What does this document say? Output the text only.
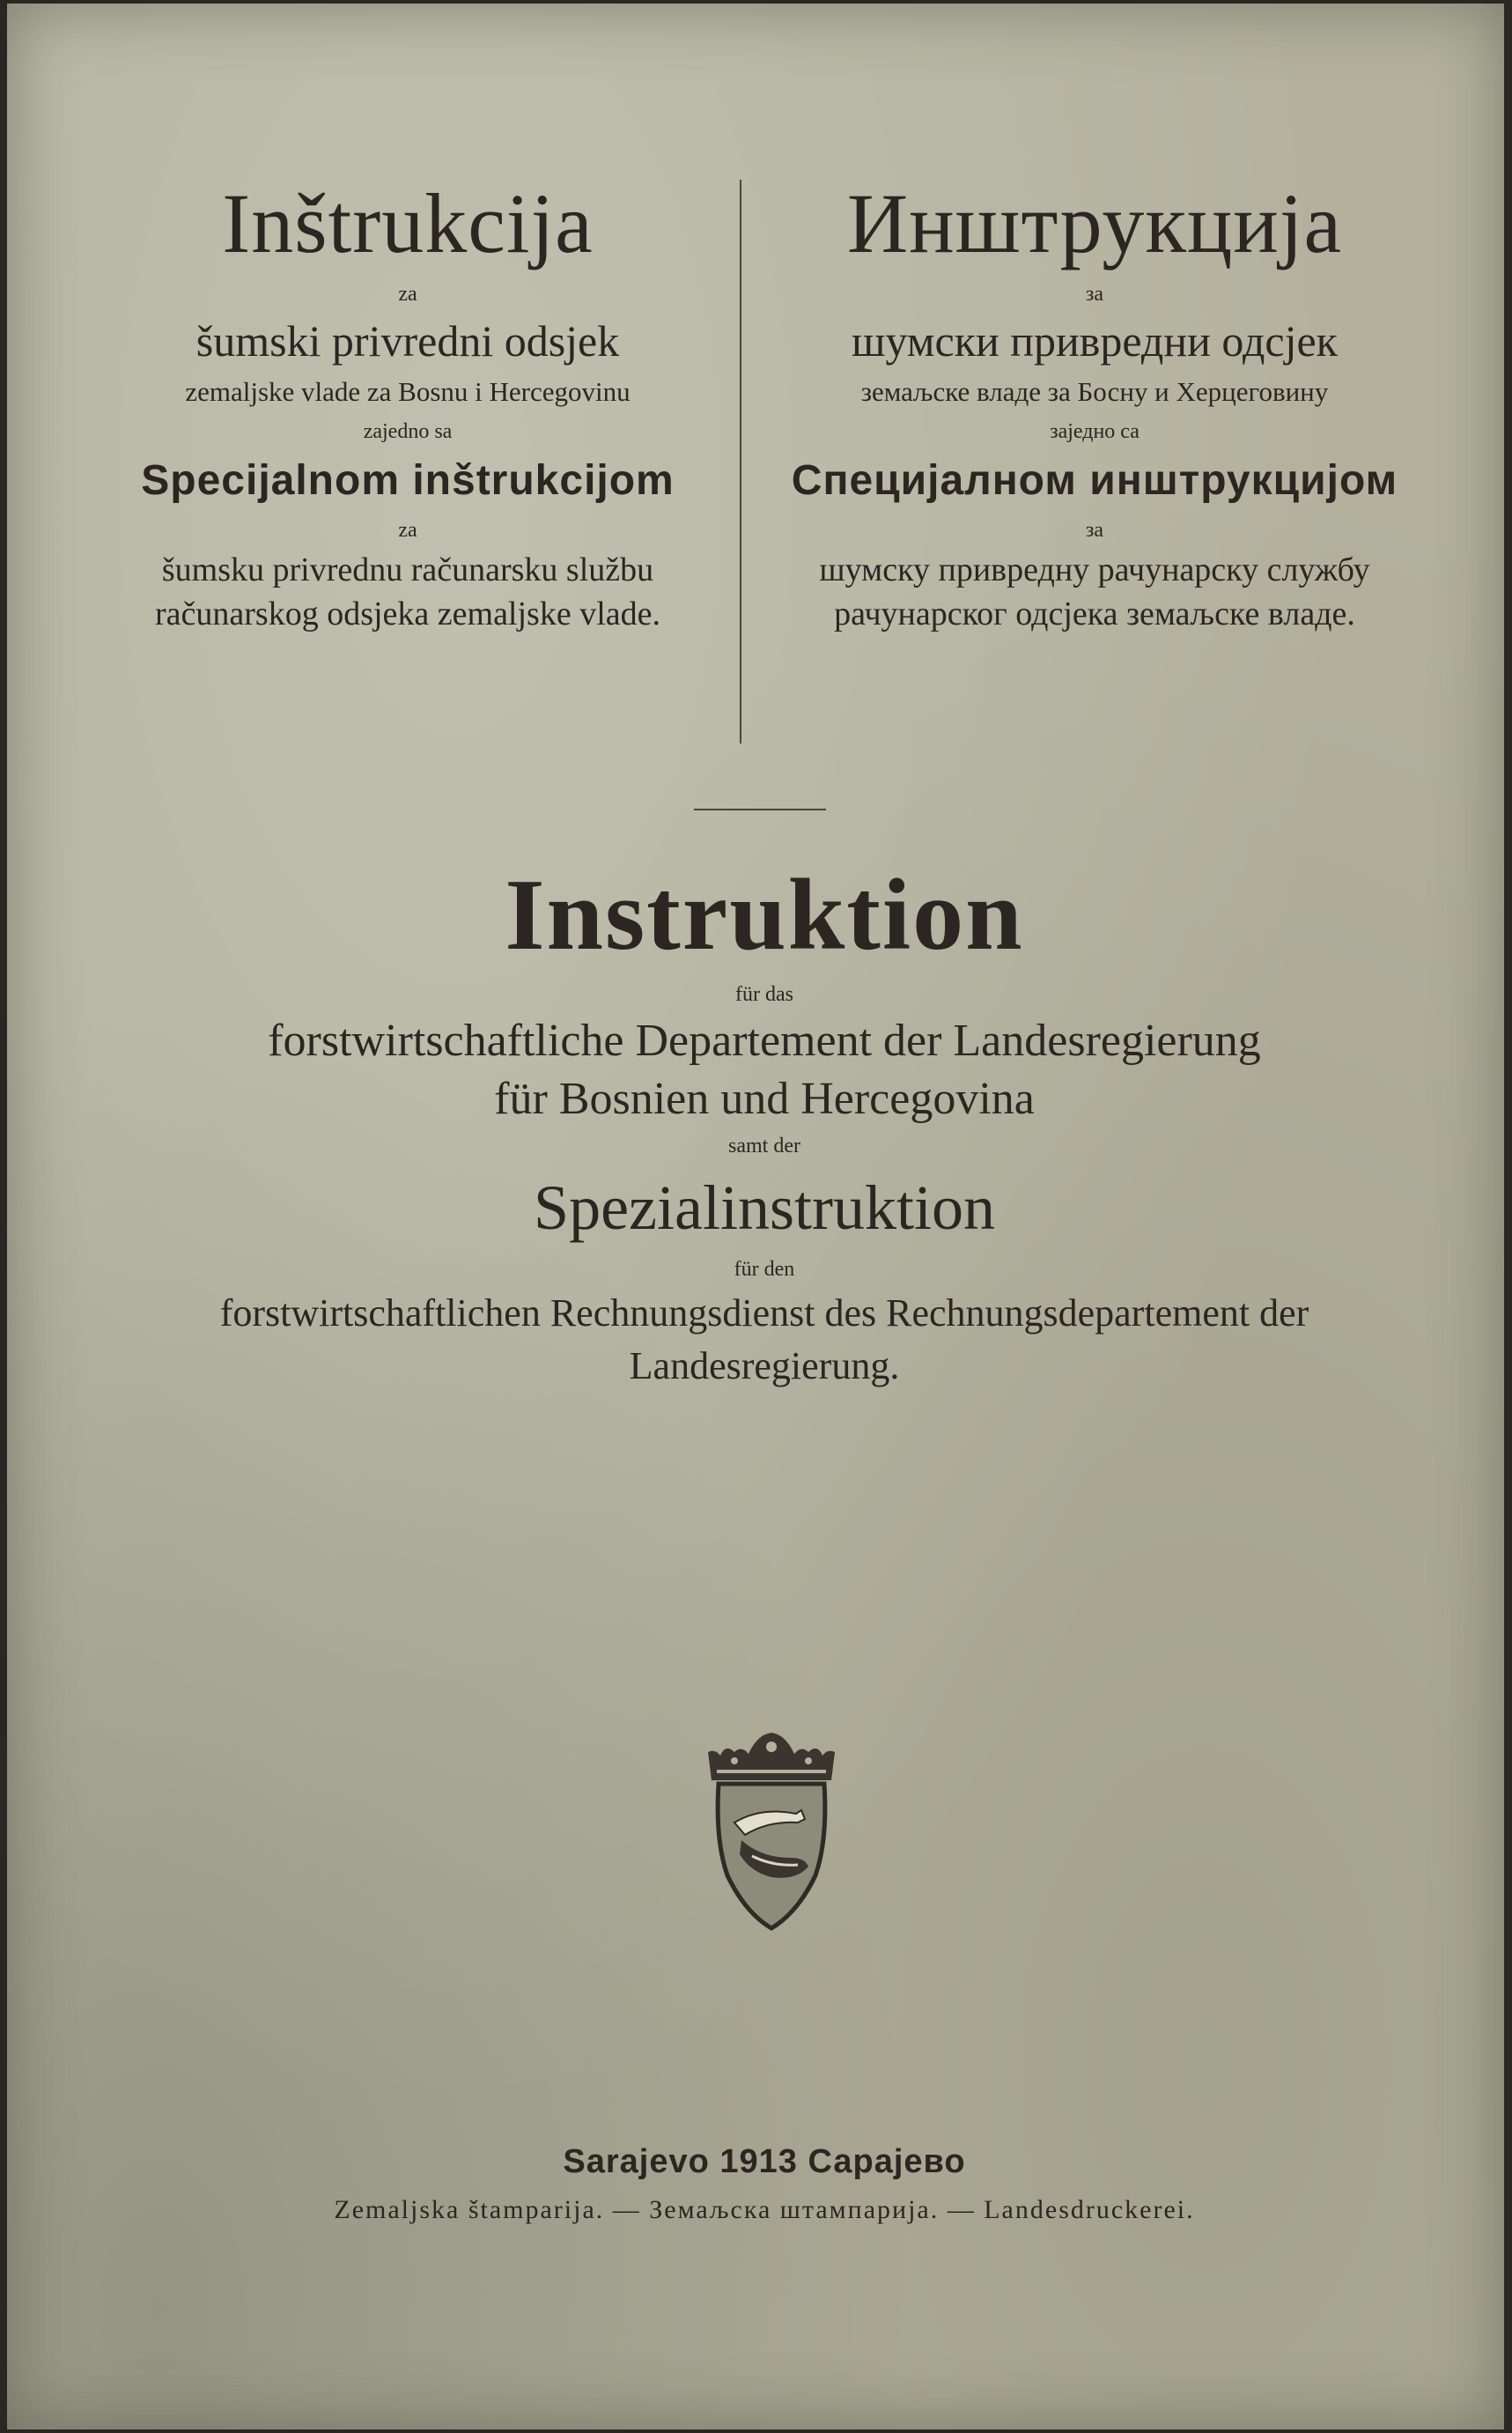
Inštrukcija
za
šumski privredni odsjek
zemaljske vlade za Bosnu i Hercegovinu
zajedno sa
Specijalnom inštrukcijom
za
šumsku privrednu računarsku službu
računarskog odsjeka zemaljske vlade.
Инштрукција
за
шумски привредни одсјек
земаљске владе за Босну и Херцеговину
заједно са
Специјалном инштрукцијом
за
шумску привредну рачунарску службу
рачунарског одсјека земаљске владе.
Instruktion
für das
forstwirtschaftliche Departement der Landesregierung
für Bosnien und Hercegovina
samt der
Spezialinstruktion
für den
forstwirtschaftlichen Rechnungsdienst des Rechnungsdepartement der
Landesregierung.
Sarajevo 1913 Сарајево
Zemaljska štamparija. — Земаљска штампарија. — Landesdruckerei.
